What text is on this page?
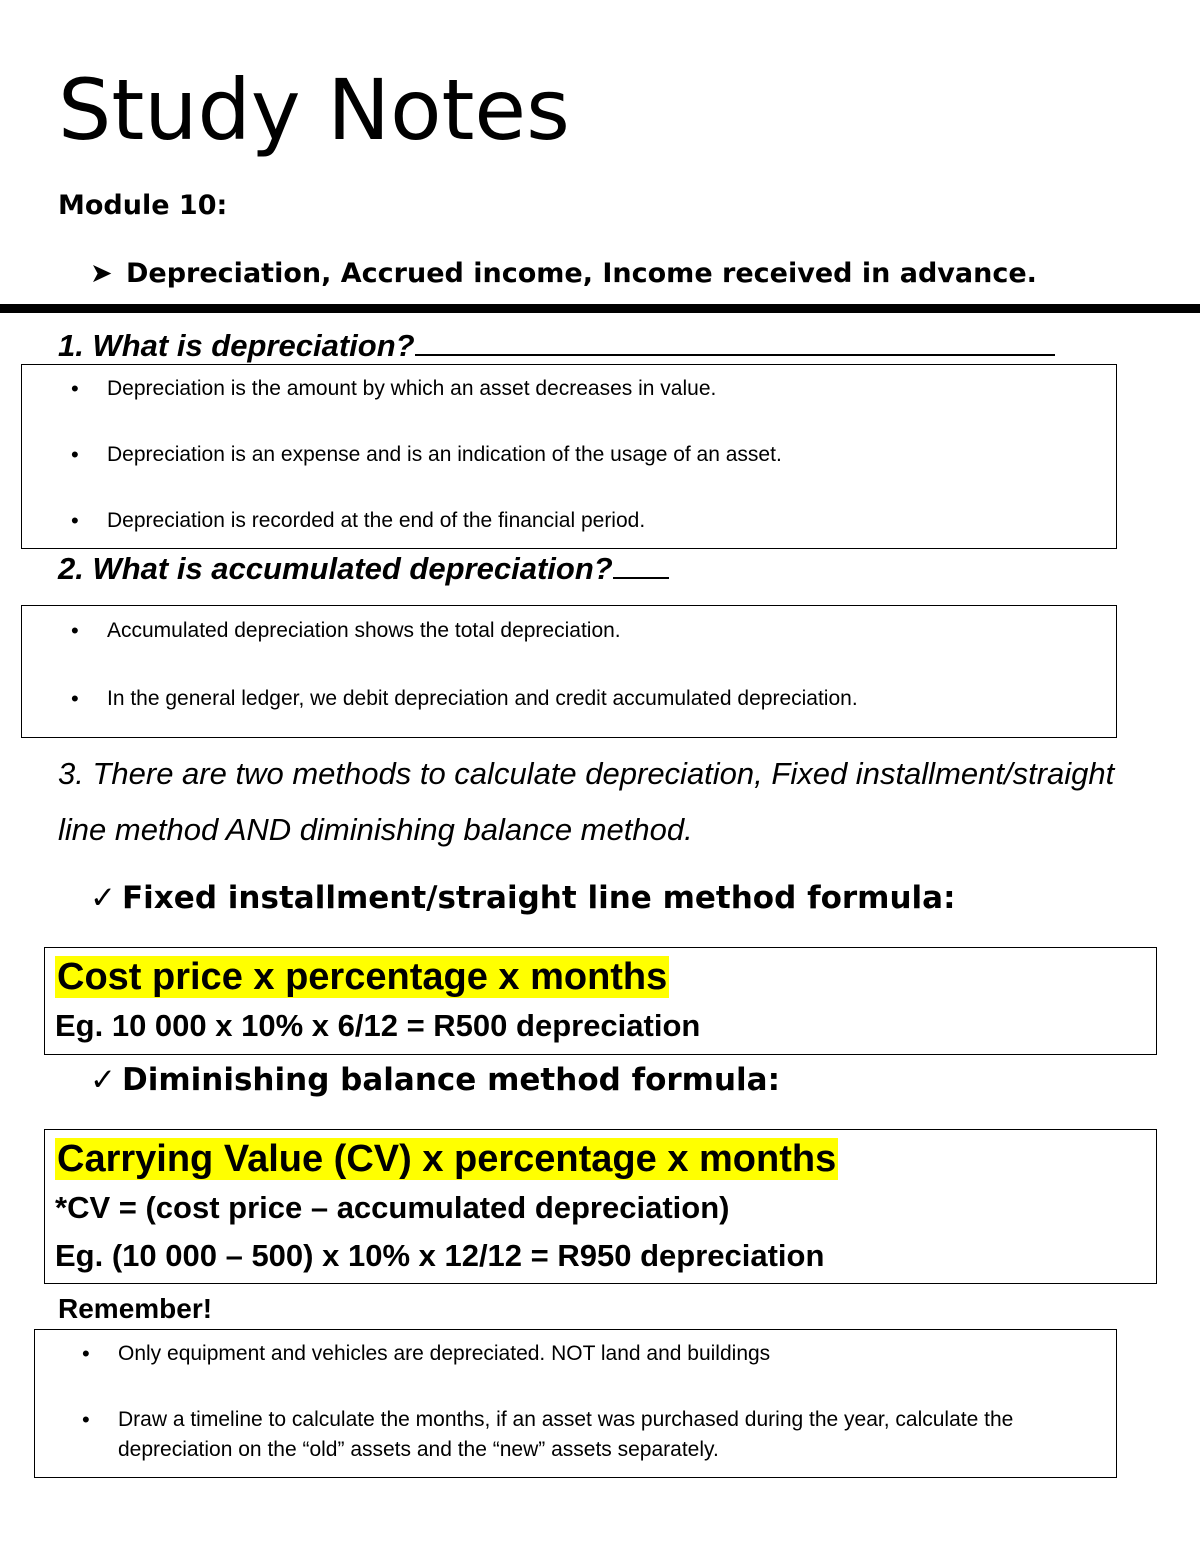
Study Notes
Module 10:
➤ Depreciation, Accrued income, Income received in advance.
1. What is depreciation?
• Depreciation is the amount by which an asset decreases in value.
• Depreciation is an expense and is an indication of the usage of an asset.
• Depreciation is recorded at the end of the financial period.
2. What is accumulated depreciation?
• Accumulated depreciation shows the total depreciation.
• In the general ledger, we debit depreciation and credit accumulated depreciation.
3. There are two methods to calculate depreciation, Fixed installment/straight line method AND diminishing balance method.
✓ Fixed installment/straight line method formula:
Cost price x percentage x months
Eg. 10 000 x 10% x 6/12 = R500 depreciation
✓ Diminishing balance method formula:
Carrying Value (CV) x percentage x months
*CV = (cost price – accumulated depreciation)
Eg. (10 000 – 500) x 10% x 12/12 = R950 depreciation
Remember!
• Only equipment and vehicles are depreciated. NOT land and buildings
• Draw a timeline to calculate the months, if an asset was purchased during the year, calculate the depreciation on the “old” assets and the “new” assets separately.
